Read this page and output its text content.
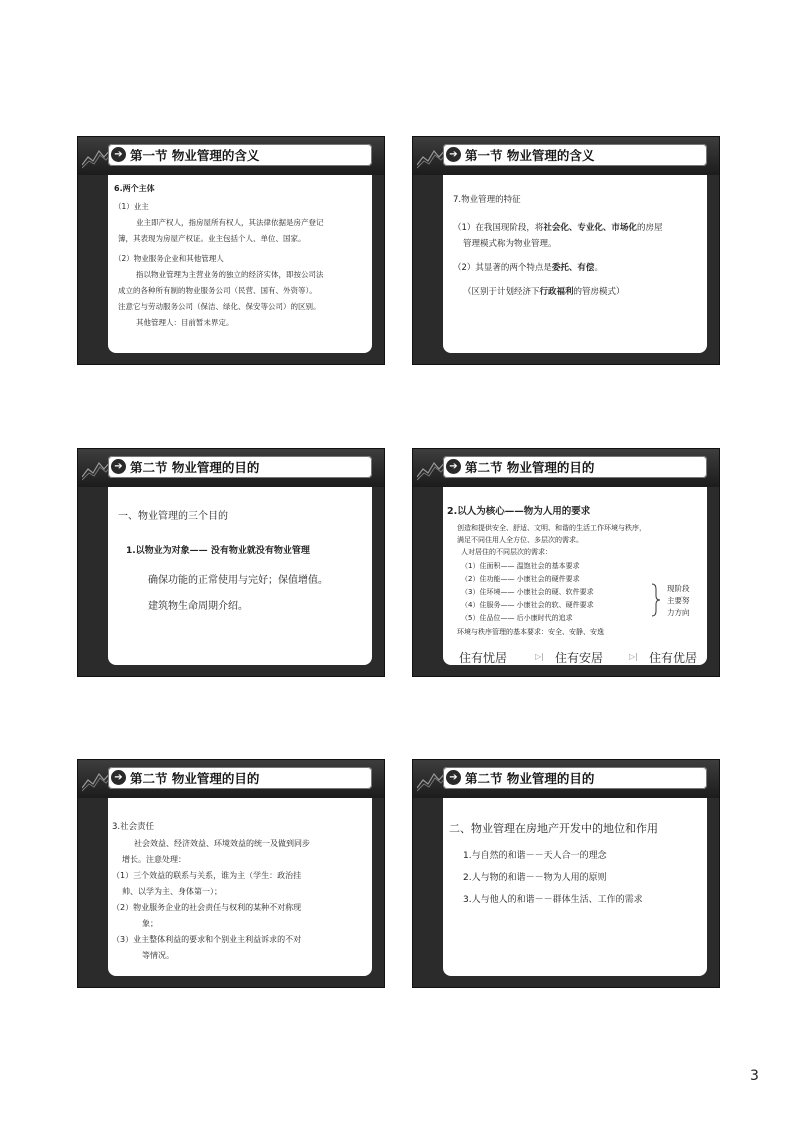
➔ 第一节 物业管理的含义

6.两个主体

（1）业主

业主即产权人，指房屋所有权人，其法律依据是房产登记

簿，其表现为房屋产权证。业主包括个人、单位、国家。

（2）物业服务企业和其他管理人

指以物业管理为主营业务的独立的经济实体，即按公司法

成立的各种所有制的物业服务公司（民营、国有、外资等）。

注意它与劳动服务公司（保洁、绿化、保安等公司）的区别。

其他管理人：目前暂未界定。

➔ 第一节 物业管理的含义

7.物业管理的特征

（1）在我国现阶段，将社会化、专业化、市场化的房屋

管理模式称为物业管理。

（2）其显著的两个特点是委托、有偿。

（区别于计划经济下行政福利的管房模式）

➔ 第二节 物业管理的目的

一、物业管理的三个目的

1.以物业为对象—— 没有物业就没有物业管理

确保功能的正常使用与完好；保值增值。

建筑物生命周期介绍。

➔ 第二节 物业管理的目的

2.以人为核心——物为人用的要求

创造和提供安全、舒适、文明、和谐的生活工作环境与秩序，

满足不同住用人全方位、多层次的需求。

人对居住的不同层次的需求：

（1）住面积—— 温饱社会的基本要求

（2）住功能—— 小康社会的硬件要求

（3）住环境—— 小康社会的硬、软件要求

（4）住服务—— 小康社会的软、硬件要求

（5）住品位—— 后小康时代的追求

环境与秩序管理的基本要求：安全、安静、安逸

现阶段

主要努

力方向

住有忧居	▷| 住有安居	▷| 住有优居

➔ 第二节 物业管理的目的

3.社会责任

社会效益、经济效益、环境效益的统一及做到同步

增长。注意处理：

（1）三个效益的联系与关系，谁为主（学生：政治挂

帅、以学为主、身体第一）；

（2）物业服务企业的社会责任与权利的某种不对称现

象；

（3）业主整体利益的要求和个别业主利益诉求的不对

等情况。

➔ 第二节 物业管理的目的

二、物业管理在房地产开发中的地位和作用

1.与自然的和谐－－天人合一的理念

2.人与物的和谐－－物为人用的原则

3.人与他人的和谐－－群体生活、工作的需求

3
